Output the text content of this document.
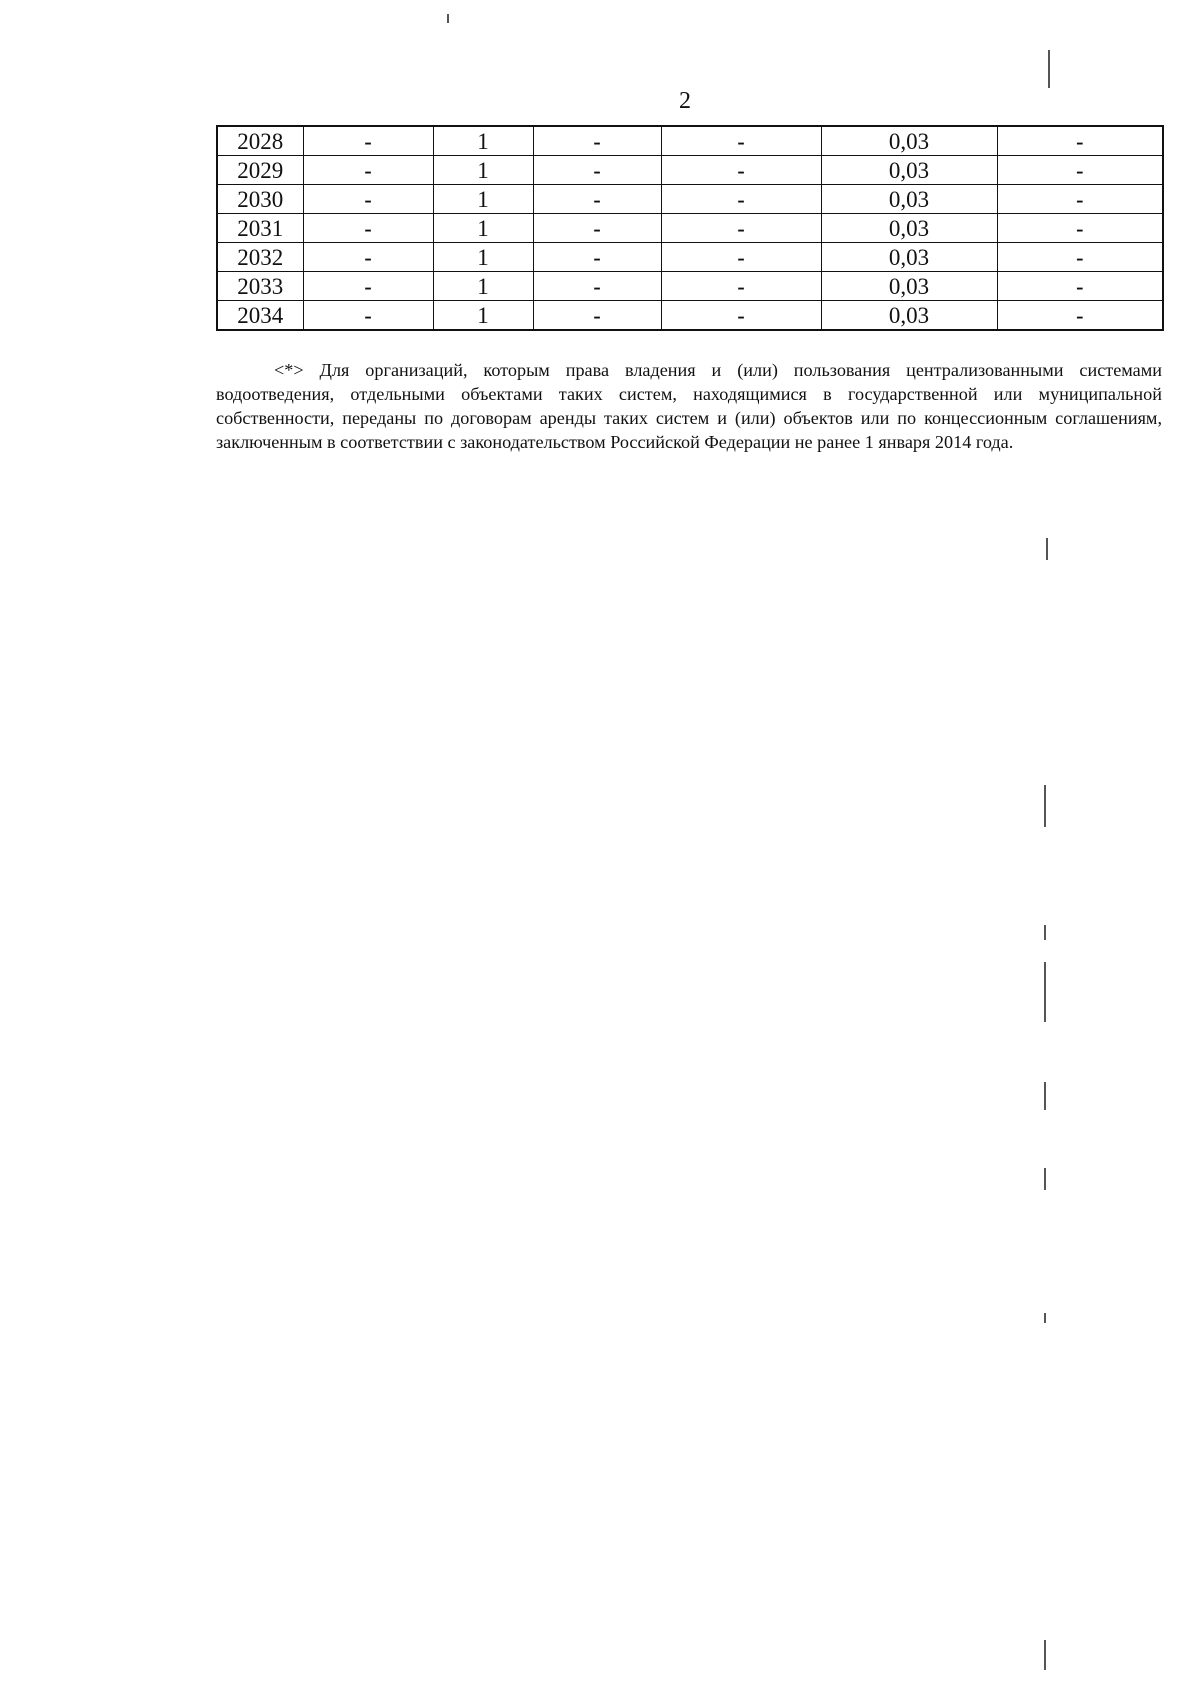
2
2028	-	1	-	-	0,03	-
2029	-	1	-	-	0,03	-
2030	-	1	-	-	0,03	-
2031	-	1	-	-	0,03	-
2032	-	1	-	-	0,03	-
2033	-	1	-	-	0,03	-
2034	-	1	-	-	0,03	-

<*> Для организаций, которым права владения и (или) пользования централизованными системами водоотведения, отдельными объектами таких систем, находящимися в государственной или муниципальной собственности, переданы по договорам аренды таких систем и (или) объектов или по концессионным соглашениям, заключенным в соответствии с законодательством Российской Федерации не ранее 1 января 2014 года.
